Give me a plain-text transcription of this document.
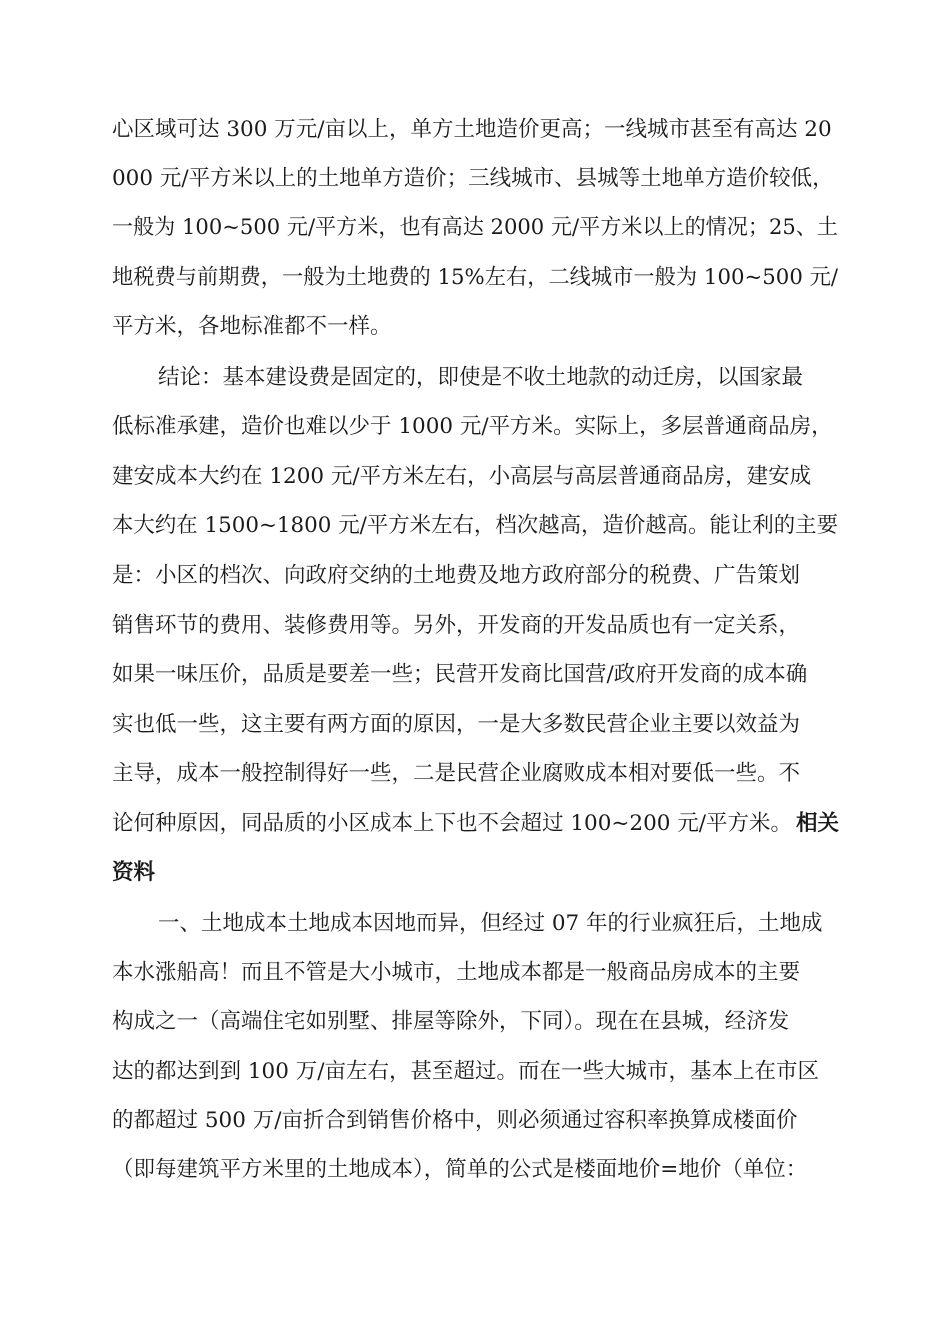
心区域可达 300 万元/亩以上，单方土地造价更高；一线城市甚至有高达 20
000 元/平方米以上的土地单方造价；三线城市、县城等土地单方造价较低，
一般为 100~500 元/平方米，也有高达 2000 元/平方米以上的情况；25、土
地税费与前期费，一般为土地费的 15%左右，二线城市一般为 100~500 元/
平方米，各地标准都不一样。
结论：基本建设费是固定的，即使是不收土地款的动迁房，以国家最
低标准承建，造价也难以少于 1000 元/平方米。实际上，多层普通商品房，
建安成本大约在 1200 元/平方米左右，小高层与高层普通商品房，建安成
本大约在 1500~1800 元/平方米左右，档次越高，造价越高。能让利的主要
是：小区的档次、向政府交纳的土地费及地方政府部分的税费、广告策划
销售环节的费用、装修费用等。另外，开发商的开发品质也有一定关系，
如果一味压价，品质是要差一些；民营开发商比国营/政府开发商的成本确
实也低一些，这主要有两方面的原因，一是大多数民营企业主要以效益为
主导，成本一般控制得好一些，二是民营企业腐败成本相对要低一些。不

论何种原因，同品质的小区成本上下也不会超过 100~200 元/平方米。

相关

资料
一、土地成本土地成本因地而异，但经过 07 年的行业疯狂后，土地成
本水涨船高！而且不管是大小城市，土地成本都是一般商品房成本的主要
构成之一（高端住宅如别墅、排屋等除外，下同）。现在在县城，经济发
达的都达到到 100 万/亩左右，甚至超过。而在一些大城市，基本上在市区
的都超过 500 万/亩折合到销售价格中，则必须通过容积率换算成楼面价
（即每建筑平方米里的土地成本），简单的公式是楼面地价=地价（单位：
